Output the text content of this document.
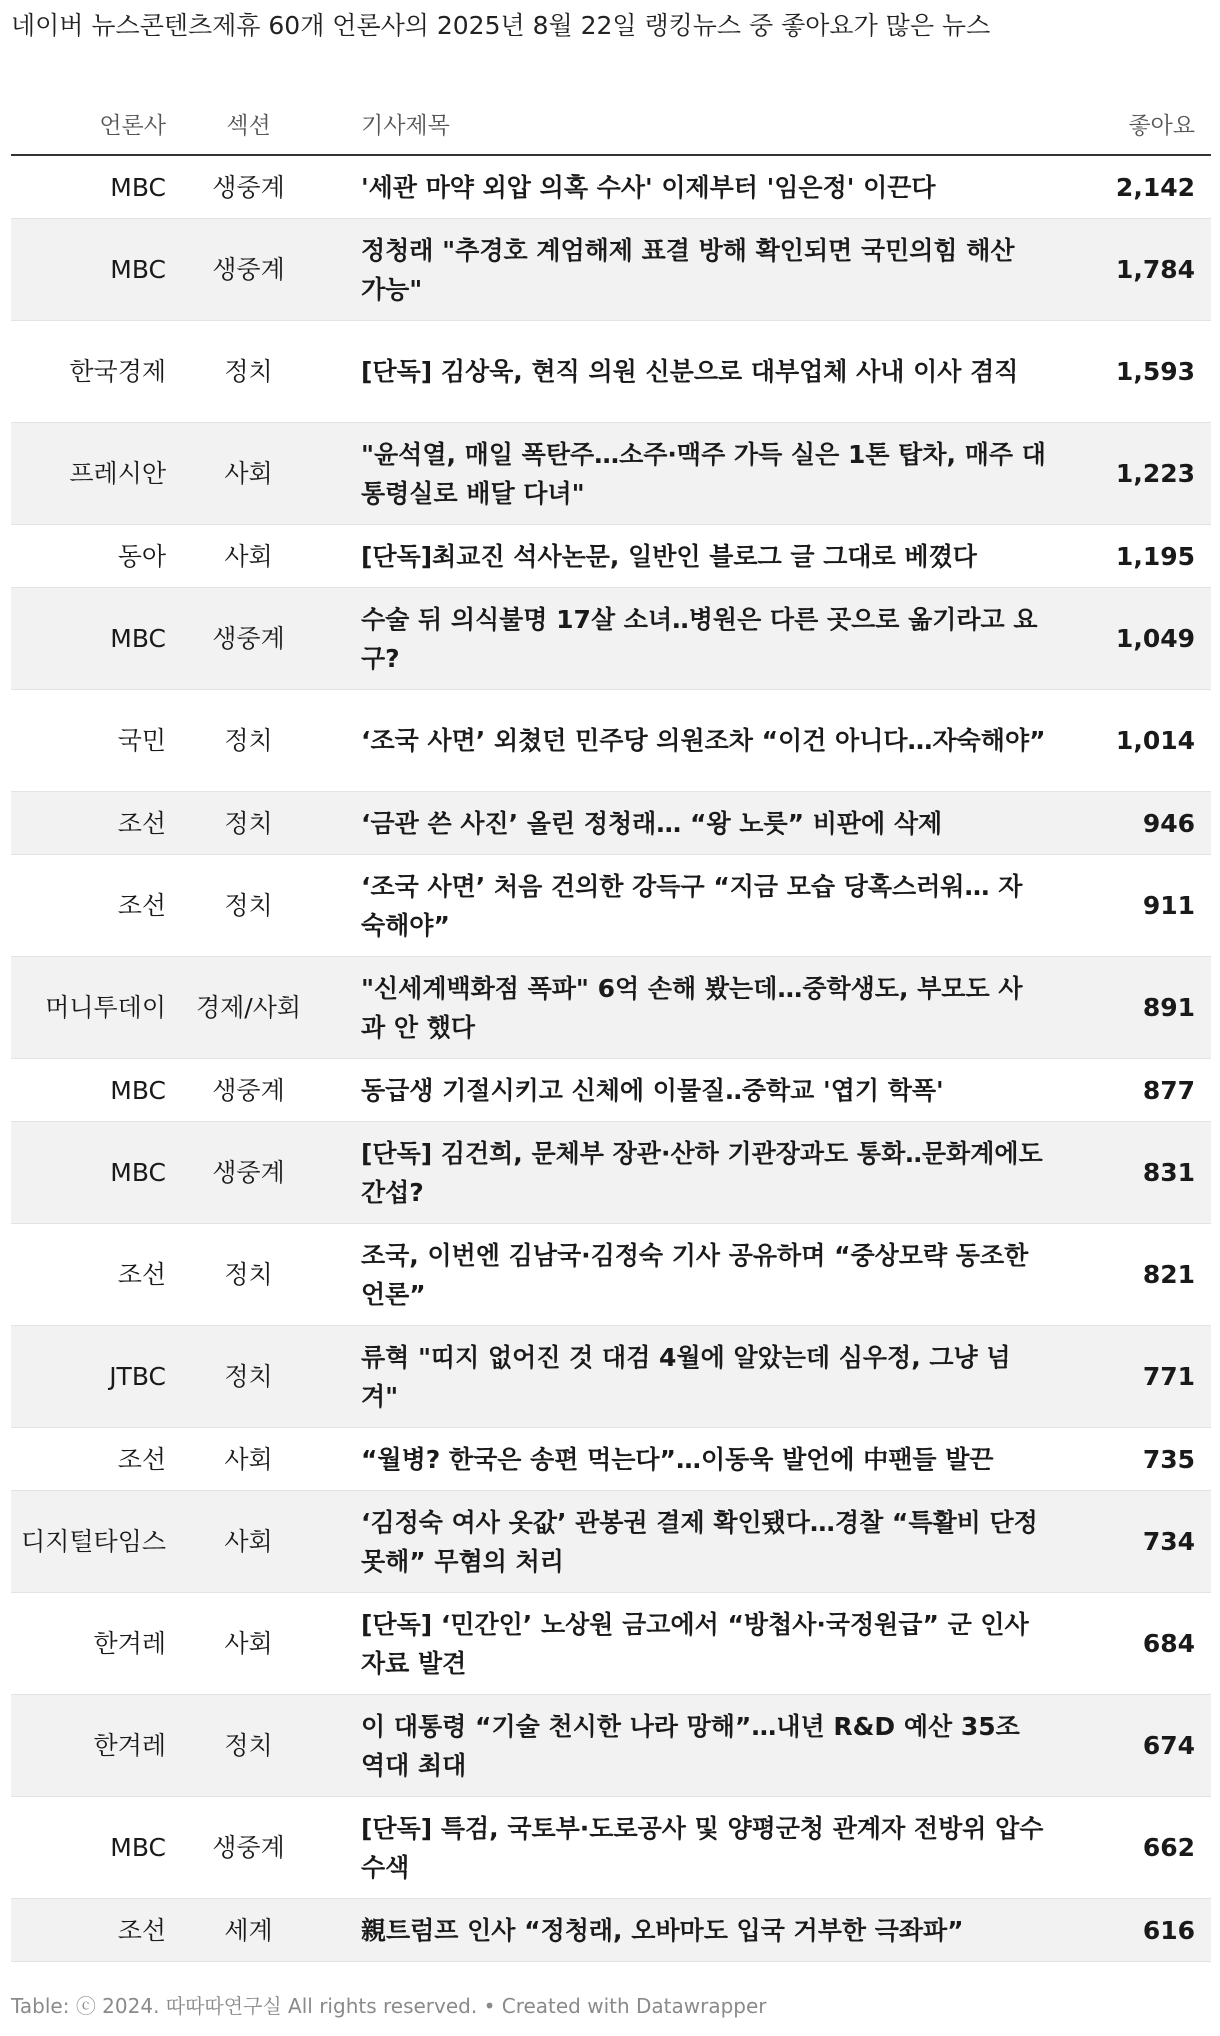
네이버 뉴스콘텐츠제휴 60개 언론사의 2025년 8월 22일 랭킹뉴스 중 좋아요가 많은 뉴스
언론사	섹션	기사제목	좋아요
MBC	생중계	'세관 마약 외압 의혹 수사' 이제부터 '임은정' 이끈다	2,142
MBC	생중계	정청래 "추경호 계엄해제 표결 방해 확인되면 국민의힘 해산 가능"	1,784
한국경제	정치	[단독] 김상욱, 현직 의원 신분으로 대부업체 사내 이사 겸직	1,593
프레시안	사회	"윤석열, 매일 폭탄주…소주·맥주 가득 실은 1톤 탑차, 매주 대통령실로 배달 다녀"	1,223
동아	사회	[단독]최교진 석사논문, 일반인 블로그 글 그대로 베꼈다	1,195
MBC	생중계	수술 뒤 의식불명 17살 소녀‥병원은 다른 곳으로 옮기라고 요구?	1,049
국민	정치	‘조국 사면’ 외쳤던 민주당 의원조차 “이건 아니다…자숙해야”	1,014
조선	정치	‘금관 쓴 사진’ 올린 정청래… “왕 노릇” 비판에 삭제	946
조선	정치	‘조국 사면’ 처음 건의한 강득구 “지금 모습 당혹스러워… 자숙해야”	911
머니투데이	경제/사회	"신세계백화점 폭파" 6억 손해 봤는데…중학생도, 부모도 사과 안 했다	891
MBC	생중계	동급생 기절시키고 신체에 이물질‥중학교 '엽기 학폭'	877
MBC	생중계	[단독] 김건희, 문체부 장관·산하 기관장과도 통화‥문화계에도 간섭?	831
조선	정치	조국, 이번엔 김남국·김정숙 기사 공유하며 “중상모략 동조한 언론”	821
JTBC	정치	류혁 "띠지 없어진 것 대검 4월에 알았는데 심우정, 그냥 넘겨"	771
조선	사회	“월병? 한국은 송편 먹는다”…이동욱 발언에 中팬들 발끈	735
디지털타임스	사회	‘김정숙 여사 옷값’ 관봉권 결제 확인됐다…경찰 “특활비 단정 못해” 무혐의 처리	734
한겨레	사회	[단독] ‘민간인’ 노상원 금고에서 “방첩사·국정원급” 군 인사 자료 발견	684
한겨레	정치	이 대통령 “기술 천시한 나라 망해”…내년 R&D 예산 35조 역대 최대	674
MBC	생중계	[단독] 특검, 국토부·도로공사 및 양평군청 관계자 전방위 압수수색	662
조선	세계	親트럼프 인사 “정청래, 오바마도 입국 거부한 극좌파”	616
Table: ⓒ 2024. 따따따연구실 All rights reserved. • Created with Datawrapper
